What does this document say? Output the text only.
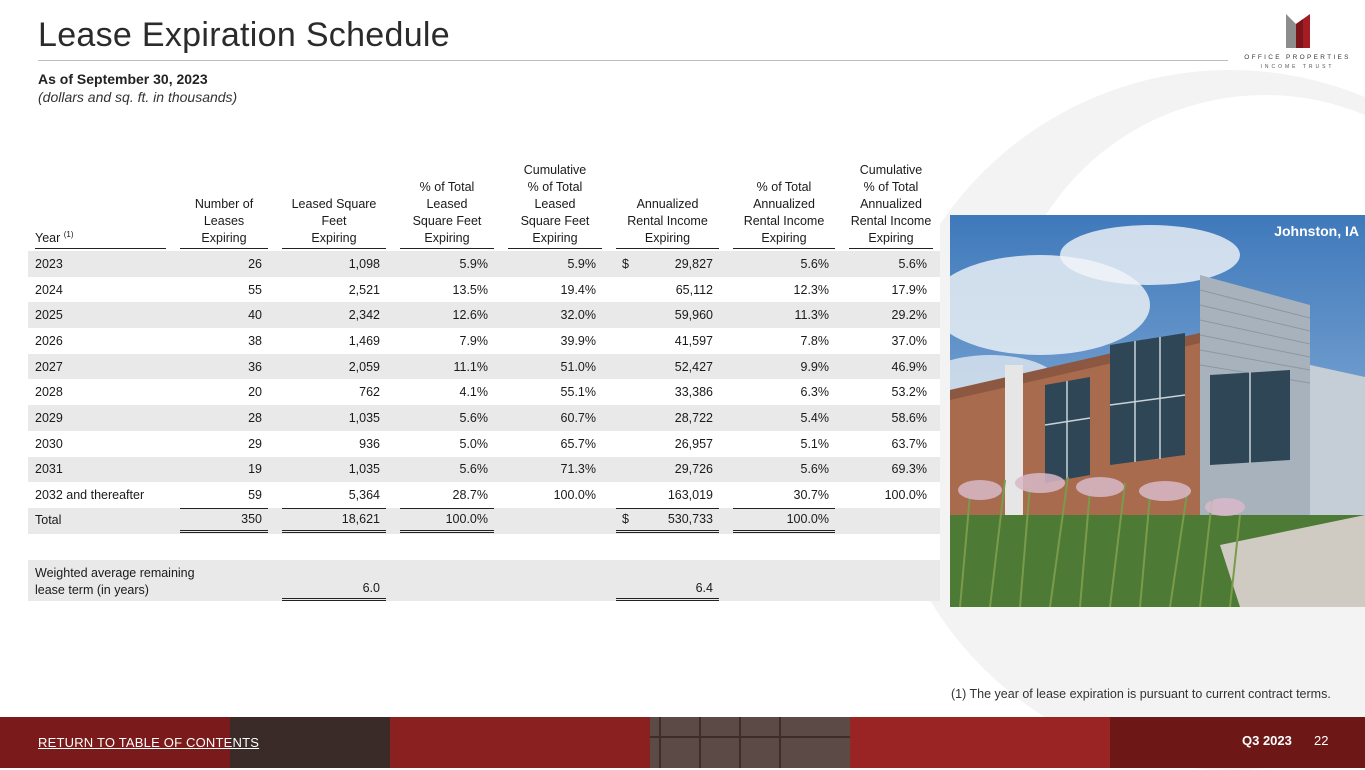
Lease Expiration Schedule
As of September 30, 2023
(dollars and sq. ft. in thousands)
OFFICE PROPERTIES
INCOME TRUST
Year $^{(1)}$	Number of
Leases
Expiring	Leased Square
Feet
Expiring	% of Total
Leased
Square Feet
Expiring	Cumulative
% of Total
Leased
Square Feet
Expiring	Annualized
Rental Income
Expiring	% of Total
Annualized
Rental Income
Expiring	Cumulative
% of Total
Annualized
Rental Income
Expiring

2023	26	1,098	5.9%	5.9%	$ 29,827	5.6%	5.6%

2024	55	2,521	13.5%	19.4%	65,112	12.3%	17.9%

2025	40	2,342	12.6%	32.0%	59,960	11.3%	29.2%

2026	38	1,469	7.9%	39.9%	41,597	7.8%	37.0%

2027	36	2,059	11.1%	51.0%	52,427	9.9%	46.9%

2028	20	762	4.1%	55.1%	33,386	6.3%	53.2%

2029	28	1,035	5.6%	60.7%	28,722	5.4%	58.6%

2030	29	936	5.0%	65.7%	26,957	5.1%	63.7%

2031	19	1,035	5.6%	71.3%	29,726	5.6%	69.3%

2032 and thereafter	59	5,364	28.7%	100.0%	163,019	30.7%	100.0%

Total	350	18,621	100.0%		$ 530,733	100.0%	

Weighted average remaining
lease term (in years)		6.0			6.4		

Johnston, IA
(1) The year of lease expiration is pursuant to current contract terms.
RETURN TO TABLE OF CONTENTS	Q3 2023 22
